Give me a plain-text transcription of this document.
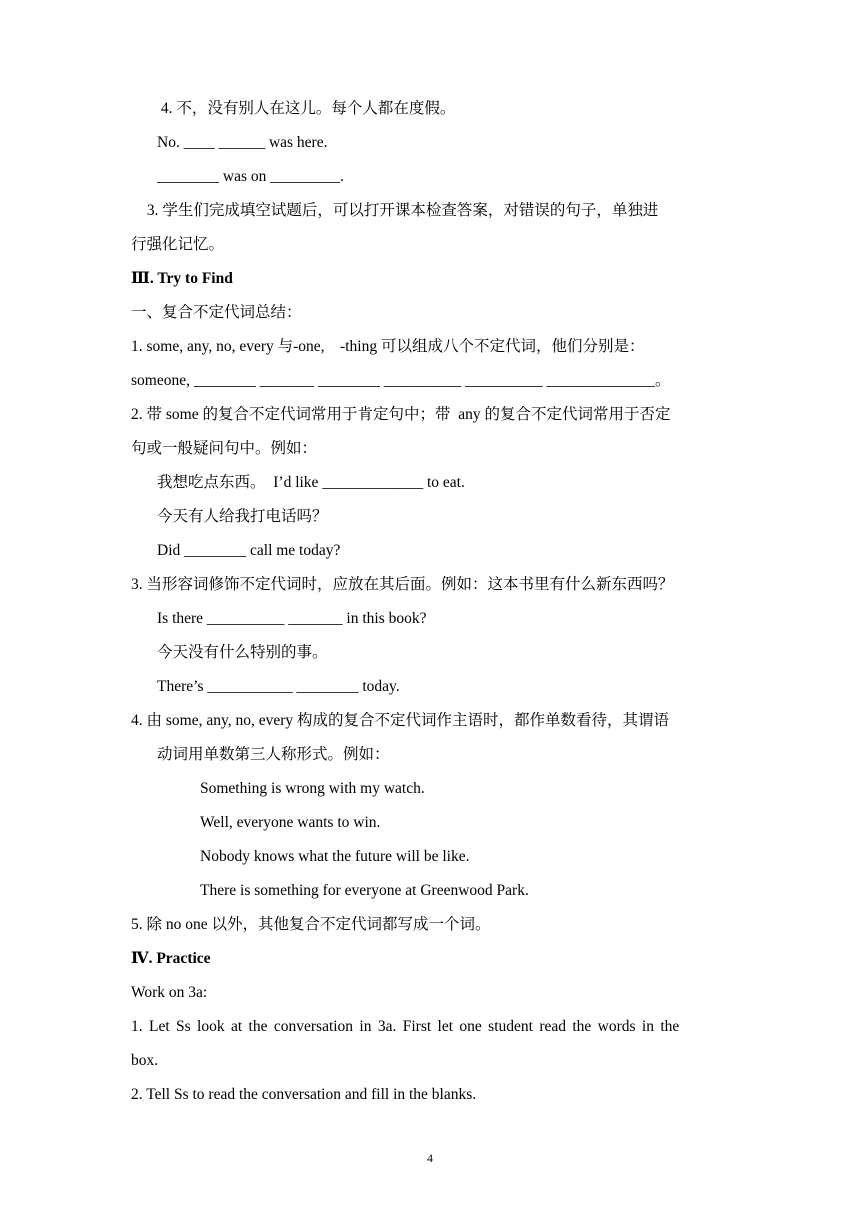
4. 不，没有别人在这儿。每个人都在度假。
No. ____ ______ was here.
________ was on _________.
3. 学生们完成填空试题后，可以打开课本检查答案，对错误的句子，单独进
行强化记忆。
Ⅲ. Try to Find
一、复合不定代词总结：
1. some, any, no, every 与-one,    -thing 可以组成八个不定代词，他们分别是：
someone, ________ _______ ________ __________ __________ ______________。
2. 带 some 的复合不定代词常用于肯定句中；带  any 的复合不定代词常用于否定
句或一般疑问句中。例如：
我想吃点东西。  I’d like _____________ to eat.
今天有人给我打电话吗？
Did ________ call me today?
3. 当形容词修饰不定代词时，应放在其后面。例如：这本书里有什么新东西吗？
Is there __________ _______ in this book?
今天没有什么特别的事。
There’s ___________ ________ today.
4. 由 some, any, no, every 构成的复合不定代词作主语时，都作单数看待，其谓语
动词用单数第三人称形式。例如：
Something is wrong with my watch.
Well, everyone wants to win.
Nobody knows what the future will be like.
There is something for everyone at Greenwood Park.
5. 除 no one 以外，其他复合不定代词都写成一个词。
Ⅳ. Practice
Work on 3a:
1. Let Ss look at the conversation in 3a. First let one student read the words in the
box.
2. Tell Ss to read the conversation and fill in the blanks.
4
